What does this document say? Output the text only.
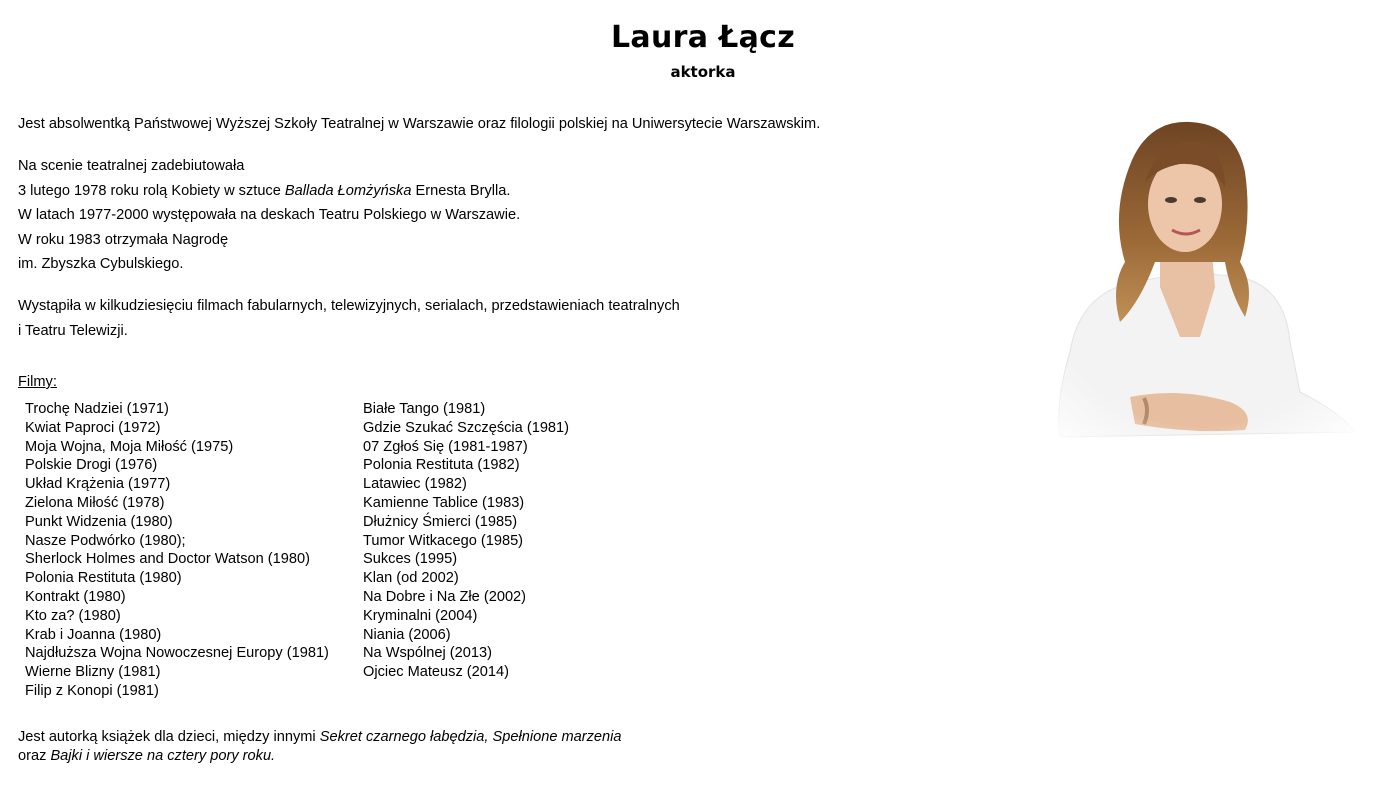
Laura Łącz
aktorka

Jest absolwentką Państwowej Wyższej Szkoły Teatralnej w Warszawie oraz filologii polskiej na Uniwersytecie Warszawskim.

Na scenie teatralnej zadebiutowała
3 lutego 1978 roku rolą Kobiety w sztuce Ballada Łomżyńska Ernesta Brylla.
W latach 1977-2000 występowała na deskach Teatru Polskiego w Warszawie.
W roku 1983 otrzymała Nagrodę
im. Zbyszka Cybulskiego.
Wystąpiła w kilkudziesięciu filmach fabularnych, telewizyjnych, serialach, przedstawieniach teatralnych
i Teatru Telewizji.
Filmy:
Trochę Nadziei (1971)
Kwiat Paproci (1972)
Moja Wojna, Moja Miłość (1975)
Polskie Drogi (1976)
Układ Krążenia (1977)
Zielona Miłość (1978)
Punkt Widzenia (1980)
Nasze Podwórko (1980);
Sherlock Holmes and Doctor Watson (1980)
Polonia Restituta (1980)
Kontrakt (1980)
Kto za? (1980)
Krab i Joanna (1980)
Najdłuższa Wojna Nowoczesnej Europy (1981)
Wierne Blizny (1981)
Filip z Konopi (1981)
Białe Tango (1981)
Gdzie Szukać Szczęścia (1981)
07 Zgłoś Się (1981-1987)
Polonia Restituta (1982)
Latawiec (1982)
Kamienne Tablice (1983)
Dłużnicy Śmierci (1985)
Tumor Witkacego (1985)
Sukces (1995)
Klan (od 2002)
Na Dobre i Na Złe (2002)
Kryminalni (2004)
Niania (2006)
Na Wspólnej (2013)
Ojciec Mateusz (2014)
Jest autorką książek dla dzieci, między innymi Sekret czarnego łabędzia, Spełnione marzenia
oraz Bajki i wiersze na cztery pory roku.
